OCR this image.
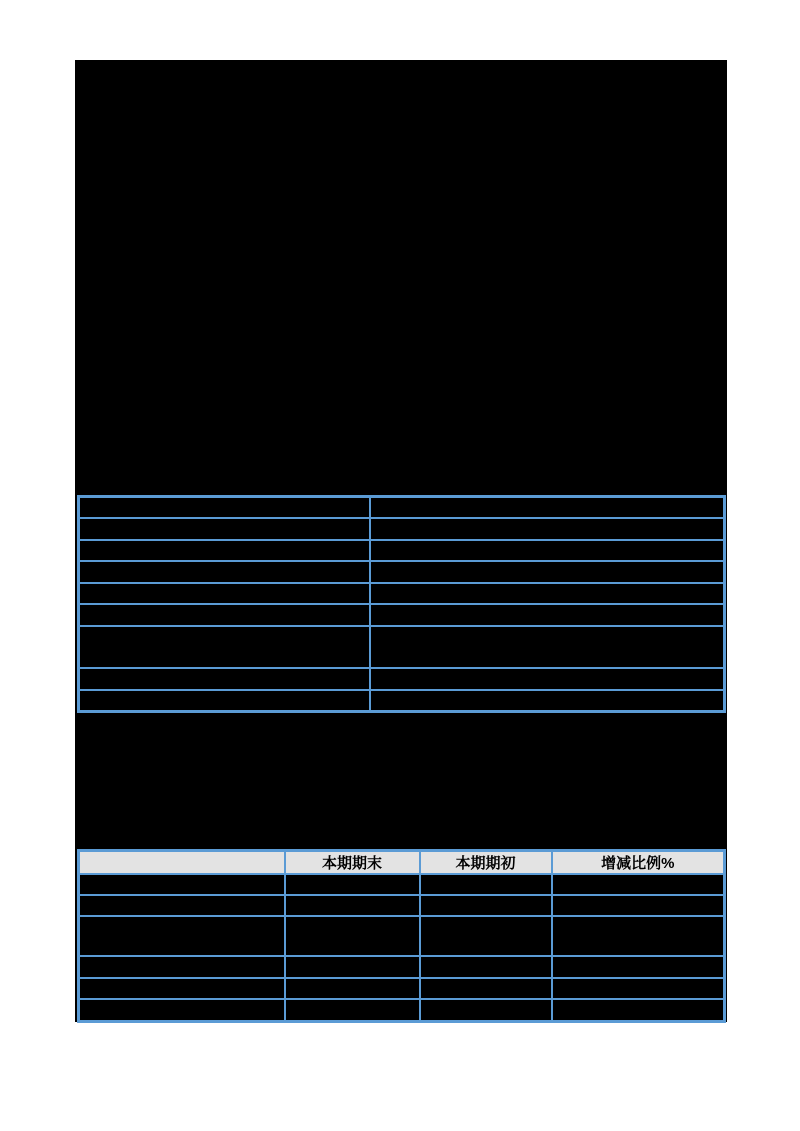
	本期期末	本期期初	增减比例%
